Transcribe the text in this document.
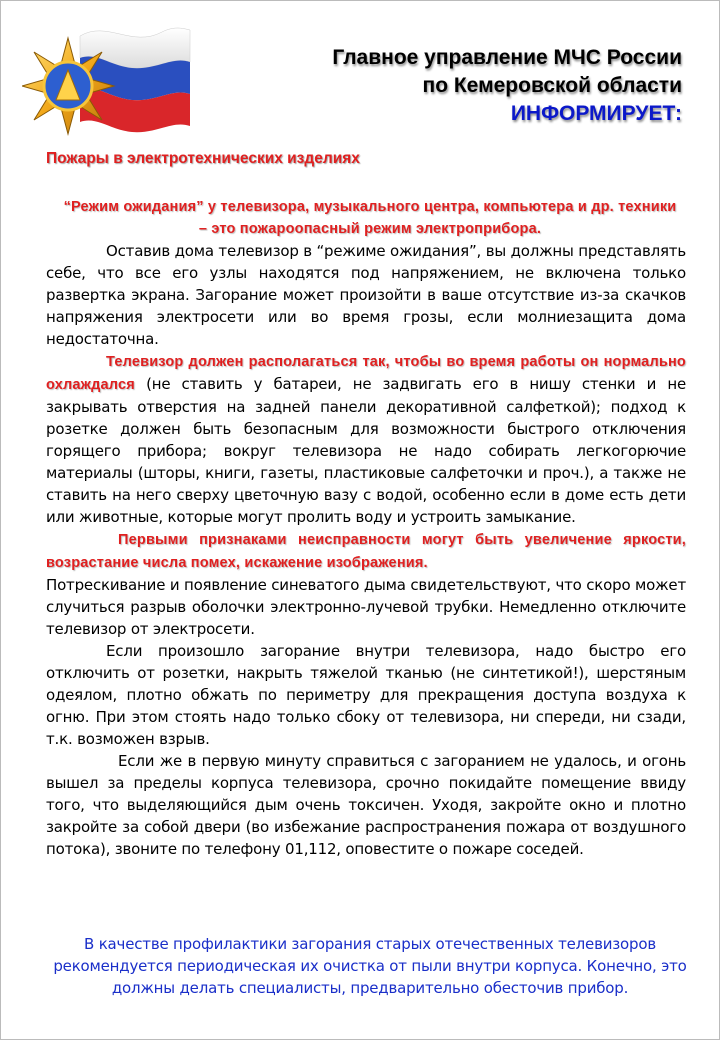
Главное управление МЧС России
по Кемеровской области
ИНФОРМИРУЕТ:
Пожары в электротехнических изделиях

“Режим ожидания” у телевизора, музыкального центра, компьютера и др. техники – это пожароопасный режим электроприбора.

Оставив дома телевизор в “режиме ожидания”, вы должны представлять себе, что все его узлы находятся под напряжением, не включена только развертка экрана. Загорание может произойти в ваше отсутствие из-за скачков напряжения электросети или во время грозы, если молниезащита дома недостаточна.

Телевизор должен располагаться так, чтобы во время работы он нормально охлаждался (не ставить у батареи, не задвигать его в нишу стенки и не закрывать отверстия на задней панели декоративной салфеткой); подход к розетке должен быть безопасным для возможности быстрого отключения горящего прибора; вокруг телевизора не надо собирать легкогорючие материалы (шторы, книги, газеты, пластиковые салфеточки и проч.), а также не ставить на него сверху цветочную вазу с водой, особенно если в доме есть дети или животные, которые могут пролить воду и устроить замыкание.

Первыми признаками неисправности могут быть увеличение яркости, возрастание числа помех, искажение изображения.
Потрескивание и появление синеватого дыма свидетельствуют, что скоро может случиться разрыв оболочки электронно-лучевой трубки. Немедленно отключите телевизор от электросети.

Если произошло загорание внутри телевизора, надо быстро его отключить от розетки, накрыть тяжелой тканью (не синтетикой!), шерстяным одеялом, плотно обжать по периметру для прекращения доступа воздуха к огню. При этом стоять надо только сбоку от телевизора, ни спереди, ни сзади, т.к. возможен взрыв.

Если же в первую минуту справиться с загоранием не удалось, и огонь вышел за пределы корпуса телевизора, срочно покидайте помещение ввиду того, что выделяющийся дым очень токсичен. Уходя, закройте окно и плотно закройте за собой двери (во избежание распространения пожара от воздушного потока), звоните по телефону 01,112, оповестите о пожаре соседей.

В качестве профилактики загорания старых отечественных телевизоров рекомендуется периодическая их очистка от пыли внутри корпуса. Конечно, это должны делать специалисты, предварительно обесточив прибор.
